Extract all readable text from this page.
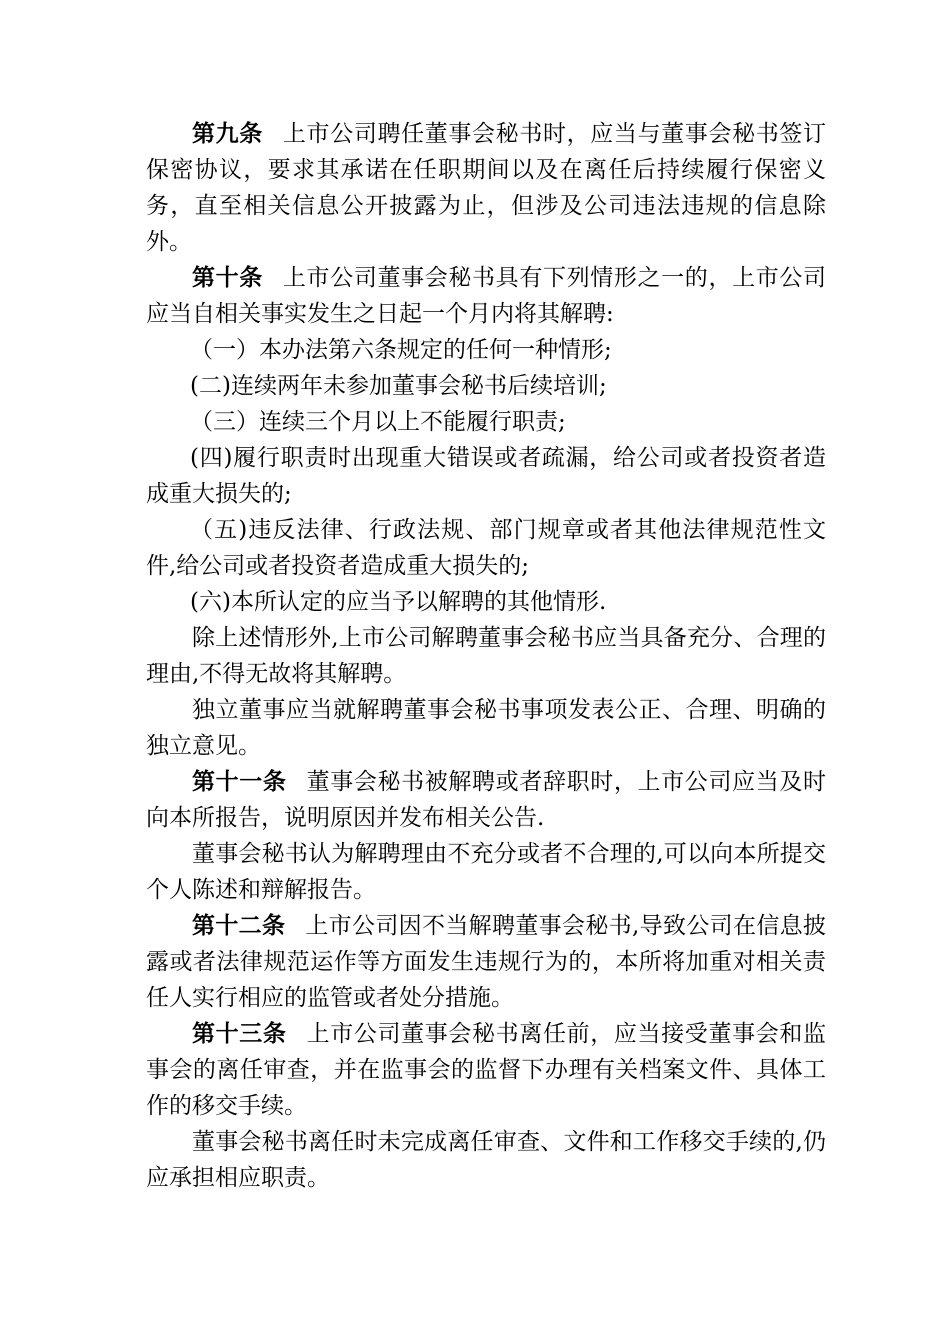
第九条 上市公司聘任董事会秘书时，应当与董事会秘书签订保密协议，要求其承诺在任职期间以及在离任后持续履行保密义务，直至相关信息公开披露为止，但涉及公司违法违规的信息除外。

第十条 上市公司董事会秘书具有下列情形之一的，上市公司应当自相关事实发生之日起一个月内将其解聘:

（一）本办法第六条规定的任何一种情形;

(二)连续两年未参加董事会秘书后续培训;

（三）连续三个月以上不能履行职责;

(四)履行职责时出现重大错误或者疏漏，给公司或者投资者造成重大损失的;

（五)违反法律、行政法规、部门规章或者其他法律规范性文件,给公司或者投资者造成重大损失的;

(六)本所认定的应当予以解聘的其他情形.

除上述情形外,上市公司解聘董事会秘书应当具备充分、合理的理由,不得无故将其解聘。

独立董事应当就解聘董事会秘书事项发表公正、合理、明确的独立意见。

第十一条 董事会秘书被解聘或者辞职时，上市公司应当及时向本所报告，说明原因并发布相关公告.

董事会秘书认为解聘理由不充分或者不合理的,可以向本所提交个人陈述和辩解报告。

第十二条 上市公司因不当解聘董事会秘书,导致公司在信息披露或者法律规范运作等方面发生违规行为的，本所将加重对相关责任人实行相应的监管或者处分措施。

第十三条 上市公司董事会秘书离任前，应当接受董事会和监事会的离任审查，并在监事会的监督下办理有关档案文件、具体工作的移交手续。

董事会秘书离任时未完成离任审查、文件和工作移交手续的,仍应承担相应职责。
